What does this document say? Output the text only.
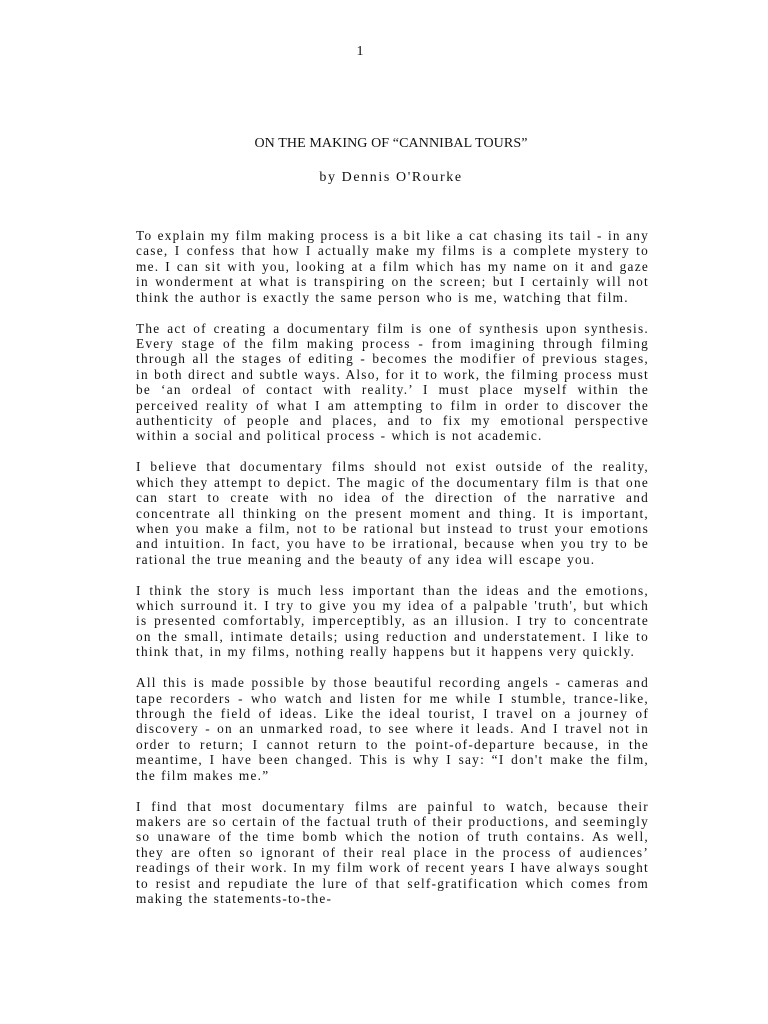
1
ON THE MAKING OF “CANNIBAL TOURS”
by Dennis O'Rourke

To explain my film making process is a bit like a cat chasing its tail - in any case, I confess that how I actually make my films is a complete mystery to me. I can sit with you, looking at a film which has my name on it and gaze in wonderment at what is transpiring on the screen; but I certainly will not think the author is exactly the same person who is me, watching that film.

The act of creating a documentary film is one of synthesis upon synthesis. Every stage of the film making process - from imagining through filming through all the stages of editing - becomes the modifier of previous stages, in both direct and subtle ways. Also, for it to work, the filming process must be ‘an ordeal of contact with reality.’ I must place myself within the perceived reality of what I am attempting to film in order to discover the authenticity of people and places, and to fix my emotional perspective within a social and political process - which is not academic.

I believe that documentary films should not exist outside of the reality, which they attempt to depict. The magic of the documentary film is that one can start to create with no idea of the direction of the narrative and concentrate all thinking on the present moment and thing. It is important, when you make a film, not to be rational but instead to trust your emotions and intuition. In fact, you have to be irrational, because when you try to be rational the true meaning and the beauty of any idea will escape you.

I think the story is much less important than the ideas and the emotions, which surround it. I try to give you my idea of a palpable 'truth', but which is presented comfortably, imperceptibly, as an illusion. I try to concentrate on the small, intimate details; using reduction and understatement. I like to think that, in my films, nothing really happens but it happens very quickly.

All this is made possible by those beautiful recording angels - cameras and tape recorders - who watch and listen for me while I stumble, trance-like, through the field of ideas. Like the ideal tourist, I travel on a journey of discovery - on an unmarked road, to see where it leads. And I travel not in order to return; I cannot return to the point-of-departure because, in the meantime, I have been changed. This is why I say: “I don't make the film, the film makes me.”

I find that most documentary films are painful to watch, because their makers are so certain of the factual truth of their productions, and seemingly so unaware of the time bomb which the notion of truth contains. As well, they are often so ignorant of their real place in the process of audiences’ readings of their work. In my film work of recent years I have always sought to resist and repudiate the lure of that self-gratification which comes from making the statements-to-the-
